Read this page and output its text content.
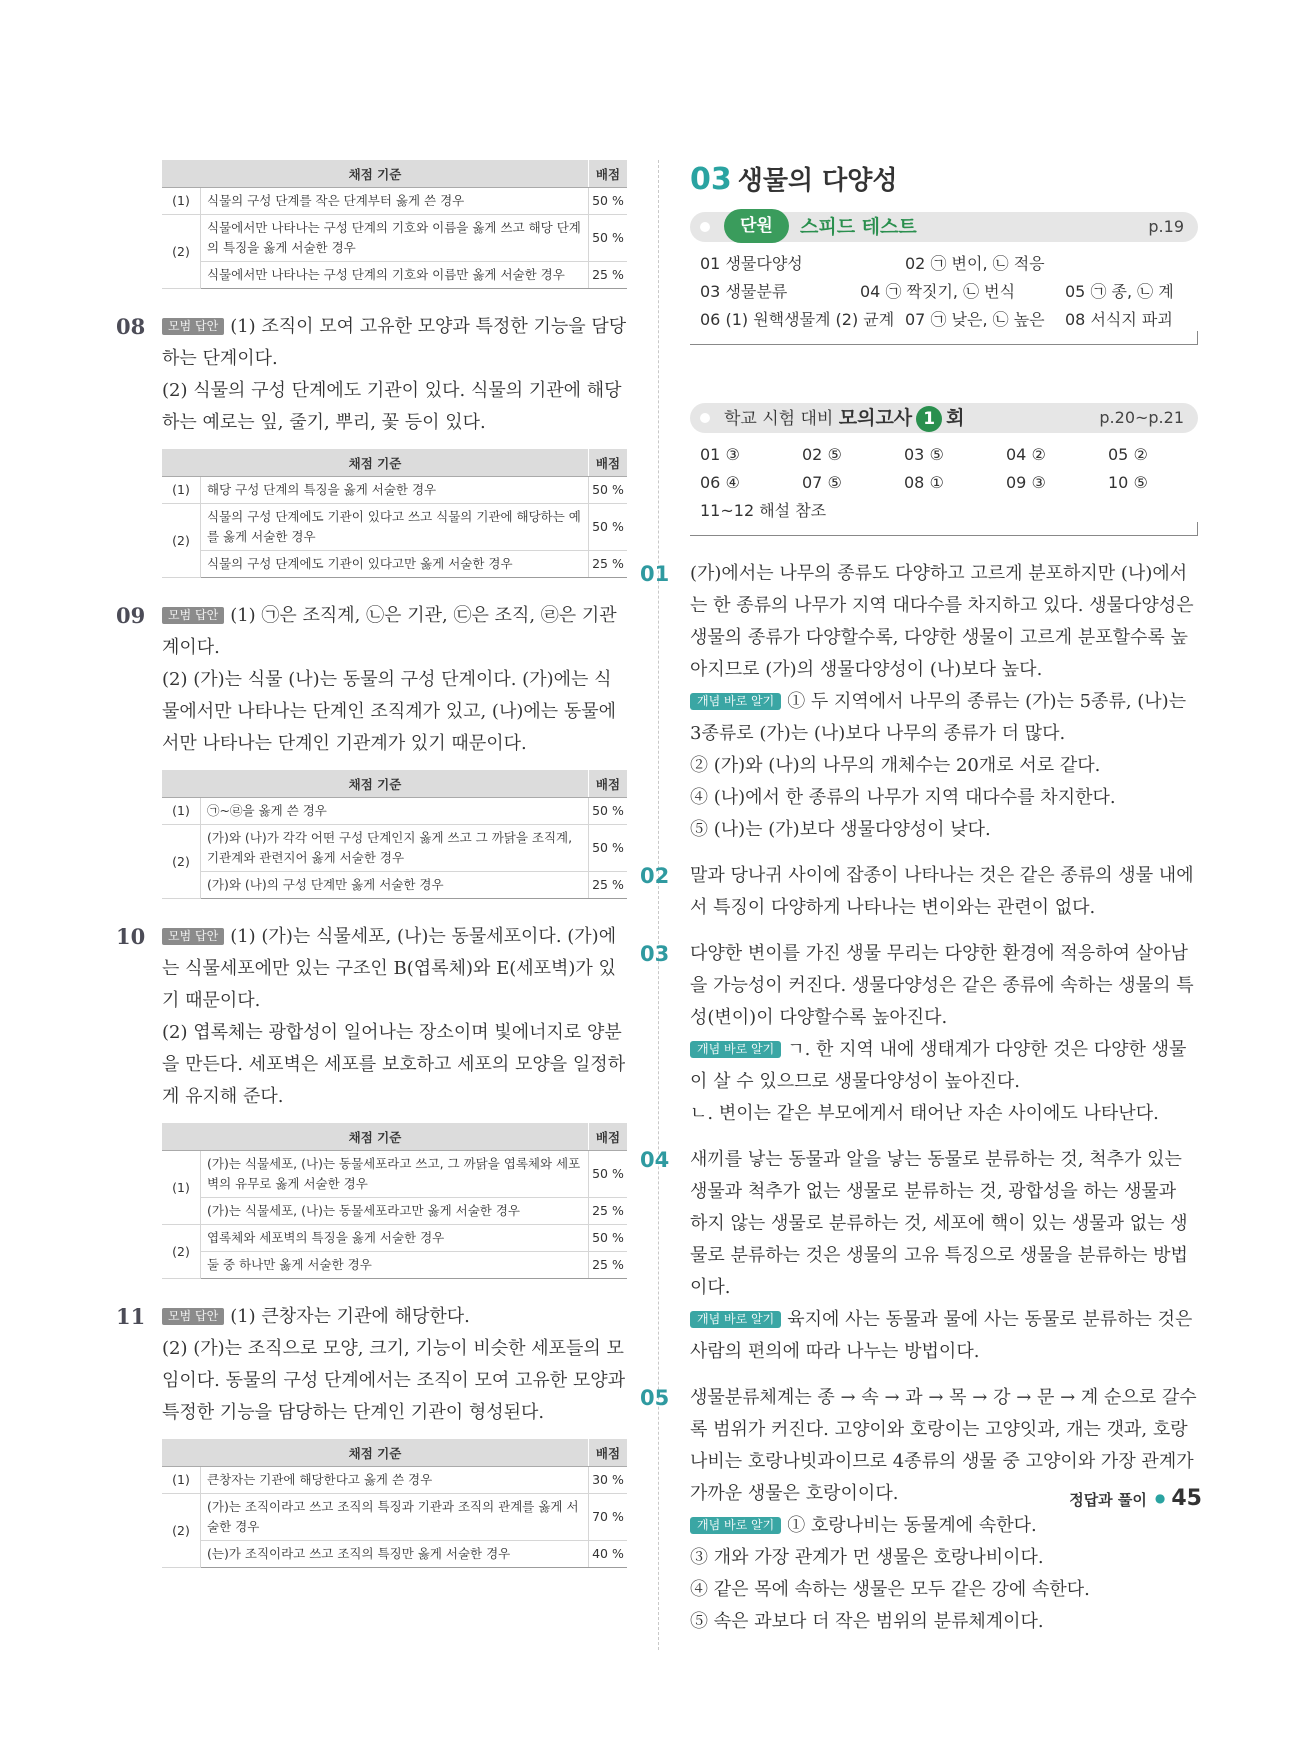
채점 기준		배점
(1)	식물의 구성 단계를 작은 단계부터 옳게 쓴 경우	50 %
(2)	식물에서만 나타나는 구성 단계의 기호와 이름을 옳게 쓰고 해당 단계의 특징을 옳게 서술한 경우	50 %
	식물에서만 나타나는 구성 단계의 기호와 이름만 옳게 서술한 경우	25 %
08	모범 답안 (1) 조직이 모여 고유한 모양과 특정한 기능을 담당하는 단계이다.

(2) 식물의 구성 단계에도 기관이 있다. 식물의 기관에 해당하는 예로는 잎, 줄기, 뿌리, 꽃 등이 있다.

채점 기준		배점
(1)	해당 구성 단계의 특징을 옳게 서술한 경우	50 %
(2)	식물의 구성 단계에도 기관이 있다고 쓰고 식물의 기관에 해당하는 예를 옳게 서술한 경우	50 %
	식물의 구성 단계에도 기관이 있다고만 옳게 서술한 경우	25 %
09	모범 답안 (1) ㉠은 조직계, ㉡은 기관, ㉢은 조직, ㉣은 기관계이다.

(2) (가)는 식물 (나)는 동물의 구성 단계이다. (가)에는 식물에서만 나타나는 단계인 조직계가 있고, (나)에는 동물에서만 나타나는 단계인 기관계가 있기 때문이다.

채점 기준		배점
(1)	㉠~㉣을 옳게 쓴 경우	50 %
(2)	(가)와 (나)가 각각 어떤 구성 단계인지 옳게 쓰고 그 까닭을 조직계, 기관계와 관련지어 옳게 서술한 경우	50 %
	(가)와 (나)의 구성 단계만 옳게 서술한 경우	25 %
10	모범 답안 (1) (가)는 식물세포, (나)는 동물세포이다. (가)에는 식물세포에만 있는 구조인 B(엽록체)와 E(세포벽)가 있기 때문이다.

(2) 엽록체는 광합성이 일어나는 장소이며 빛에너지로 양분을 만든다. 세포벽은 세포를 보호하고 세포의 모양을 일정하게 유지해 준다.

채점 기준		배점
(1)	(가)는 식물세포, (나)는 동물세포라고 쓰고, 그 까닭을 엽록체와 세포벽의 유무로 옳게 서술한 경우	50 %
	(가)는 식물세포, (나)는 동물세포라고만 옳게 서술한 경우	25 %
(2)	엽록체와 세포벽의 특징을 옳게 서술한 경우	50 %
	둘 중 하나만 옳게 서술한 경우	25 %
11	모범 답안 (1) 큰창자는 기관에 해당한다.

(2) (가)는 조직으로 모양, 크기, 기능이 비슷한 세포들의 모임이다. 동물의 구성 단계에서는 조직이 모여 고유한 모양과 특정한 기능을 담당하는 단계인 기관이 형성된다.

채점 기준		배점
(1)	큰창자는 기관에 해당한다고 옳게 쓴 경우	30 %
(2)	(가)는 조직이라고 쓰고 조직의 특징과 기관과 조직의 관계를 옳게 서술한 경우	70 %
	(는)가 조직이라고 쓰고 조직의 특징만 옳게 서술한 경우	40 %
03 생물의 다양성
단원	스피드 테스트	p.19
01 생물다양성	02 ㉠ 변이, ㉡ 적응
03 생물분류	04 ㉠ 짝짓기, ㉡ 번식	05 ㉠ 종, ㉡ 계
06 (1) 원핵생물계 (2) 균계 07 ㉠ 낮은, ㉡ 높은 08 서식지 파괴
학교 시험 대비 모의고사 1 회	p.20~p.21
01 ③	02 ⑤	03 ⑤	04 ②	05 ②
06 ④	07 ⑤	08 ①	09 ③	10 ⑤
11~12 해설 참조
01 (가)에서는 나무의 종류도 다양하고 고르게 분포하지만 (나)에서는 한 종류의 나무가 지역 대다수를 차지하고 있다. 생물다양성은 생물의 종류가 다양할수록, 다양한 생물이 고르게 분포할수록 높아지므로 (가)의 생물다양성이 (나)보다 높다.

개념 바로 알기 ① 두 지역에서 나무의 종류는 (가)는 5종류, (나)는 3종류로 (가)는 (나)보다 나무의 종류가 더 많다.

② (가)와 (나)의 나무의 개체수는 20개로 서로 같다.

④ (나)에서 한 종류의 나무가 지역 대다수를 차지한다.

⑤ (나)는 (가)보다 생물다양성이 낮다.

02 말과 당나귀 사이에 잡종이 나타나는 것은 같은 종류의 생물 내에서 특징이 다양하게 나타나는 변이와는 관련이 없다.

03 다양한 변이를 가진 생물 무리는 다양한 환경에 적응하여 살아남을 가능성이 커진다. 생물다양성은 같은 종류에 속하는 생물의 특성(변이)이 다양할수록 높아진다.

개념 바로 알기 ㄱ. 한 지역 내에 생태계가 다양한 것은 다양한 생물이 살 수 있으므로 생물다양성이 높아진다.

ㄴ. 변이는 같은 부모에게서 태어난 자손 사이에도 나타난다.

04 새끼를 낳는 동물과 알을 낳는 동물로 분류하는 것, 척추가 있는 생물과 척추가 없는 생물로 분류하는 것, 광합성을 하는 생물과 하지 않는 생물로 분류하는 것, 세포에 핵이 있는 생물과 없는 생물로 분류하는 것은 생물의 고유 특징으로 생물을 분류하는 방법이다.

개념 바로 알기 육지에 사는 동물과 물에 사는 동물로 분류하는 것은 사람의 편의에 따라 나누는 방법이다.

05 생물분류체계는 종 → 속 → 과 → 목 → 강 → 문 → 계 순으로 갈수록 범위가 커진다. 고양이와 호랑이는 고양잇과, 개는 갯과, 호랑나비는 호랑나빗과이므로 4종류의 생물 중 고양이와 가장 관계가 가까운 생물은 호랑이이다.

개념 바로 알기 ① 호랑나비는 동물계에 속한다.

③ 개와 가장 관계가 먼 생물은 호랑나비이다.

④ 같은 목에 속하는 생물은 모두 같은 강에 속한다.

⑤ 속은 과보다 더 작은 범위의 분류체계이다.

정답과 풀이 ● 45
